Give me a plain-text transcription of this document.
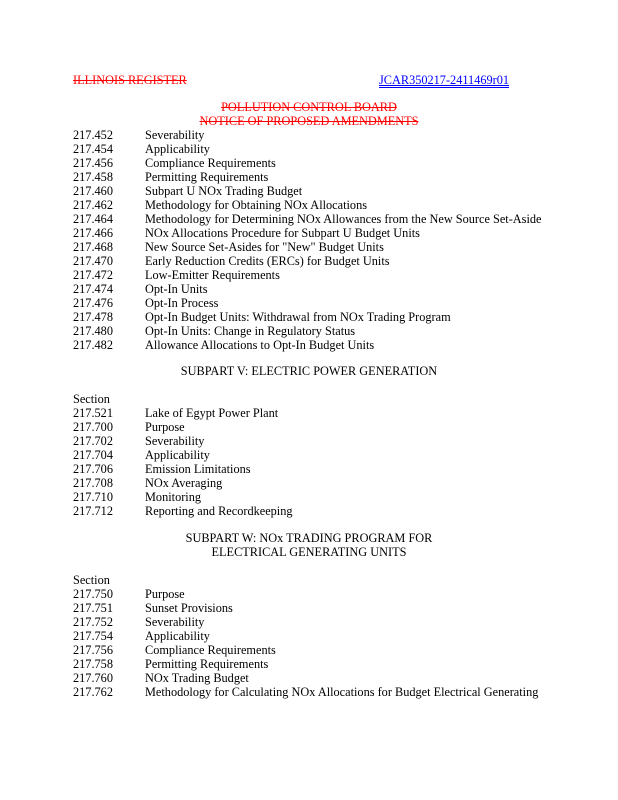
ILLINOIS REGISTER	JCAR350217-2411469r01
POLLUTION CONTROL BOARD
NOTICE OF PROPOSED AMENDMENTS
217.452	Severability
217.454	Applicability
217.456	Compliance Requirements
217.458	Permitting Requirements
217.460	Subpart U NOx Trading Budget
217.462	Methodology for Obtaining NOx Allocations
217.464	Methodology for Determining NOx Allowances from the New Source Set-Aside
217.466	NOx Allocations Procedure for Subpart U Budget Units
217.468	New Source Set-Asides for "New" Budget Units
217.470	Early Reduction Credits (ERCs) for Budget Units
217.472	Low-Emitter Requirements
217.474	Opt-In Units
217.476	Opt-In Process
217.478	Opt-In Budget Units: Withdrawal from NOx Trading Program
217.480	Opt-In Units: Change in Regulatory Status
217.482	Allowance Allocations to Opt-In Budget Units
SUBPART V: ELECTRIC POWER GENERATION
Section
217.521	Lake of Egypt Power Plant
217.700	Purpose
217.702	Severability
217.704	Applicability
217.706	Emission Limitations
217.708	NOx Averaging
217.710	Monitoring
217.712	Reporting and Recordkeeping
SUBPART W: NOx TRADING PROGRAM FOR
ELECTRICAL GENERATING UNITS
Section
217.750	Purpose
217.751	Sunset Provisions
217.752	Severability
217.754	Applicability
217.756	Compliance Requirements
217.758	Permitting Requirements
217.760	NOx Trading Budget
217.762	Methodology for Calculating NOx Allocations for Budget Electrical Generating
